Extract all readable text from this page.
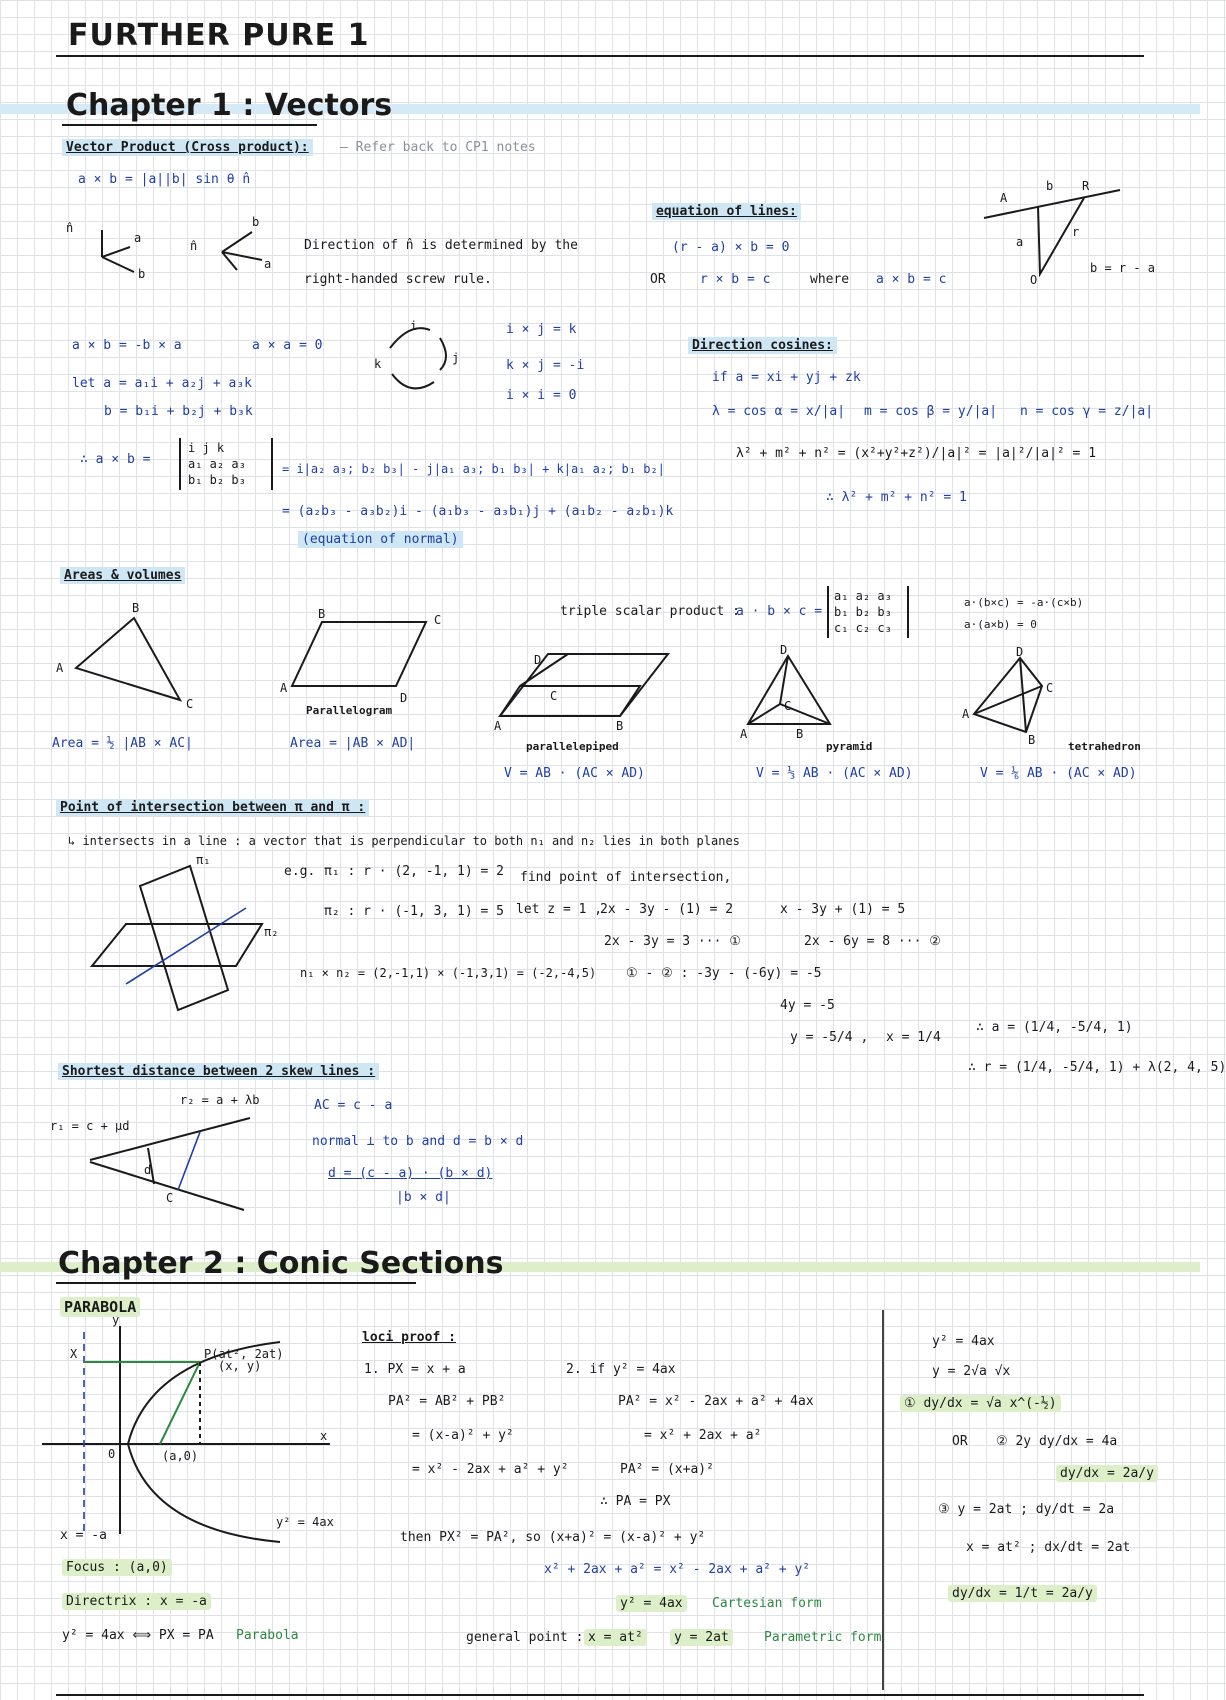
FURTHER PURE 1
Chapter 1 : Vectors
Vector Product (Cross product):	— Refer back to CP1 notes
a × b = |a||b| sin θ n̂
n̂
a
b
n̂
b
a
Direction of n̂ is determined by the
right-handed screw rule.
a × b = -b × a	a × a = 0
let a = a₁i + a₂j + a₃k
b = b₁i + b₂j + b₃k
i
j
k
i × j = k
k × j = -i
i × i = 0
∴ a × b =
i j k
a₁ a₂ a₃
b₁ b₂ b₃
= i|a₂ a₃; b₂ b₃| - j|a₁ a₃; b₁ b₃| + k|a₁ a₂; b₁ b₂|
= (a₂b₃ - a₃b₂)i - (a₁b₃ - a₃b₁)j + (a₁b₂ - a₂b₁)k
(equation of normal)
equation of lines:
(r - a) × b = 0
OR	r × b = c	where a × b = c
A
b R
a
r
O
b = r - a
Direction cosines:
if a = xi + yj + zk
λ = cos α = x/|a| m = cos β = y/|a| n = cos γ = z/|a|
λ² + m² + n² = (x²+y²+z²)/|a|² = |a|²/|a|² = 1
∴ λ² + m² + n² = 1
Areas & volumes
A
B
C
Area = ½ |AB × AC|
B	C
A
D
Parallelogram
Area = |AB × AD|
triple scalar product :
a · b × c =
a₁ a₂ a₃
b₁ b₂ b₃
c₁ c₂ c₃
a·(b×c) = -a·(c×b)
a·(a×b) = 0
A
D
C
B
parallelepiped
V = AB · (AC × AD)
D
A	B
C
pyramid
V = ⅓ AB · (AC × AD)
D
A
C
B	tetrahedron
V = ⅙ AB · (AC × AD)
Point of intersection between π and π :
↳ intersects in a line : a vector that is perpendicular to both n₁ and n₂ lies in both planes
π₁
π₂
e.g. π₁ : r · (2, -1, 1) = 2
π₂ : r · (-1, 3, 1) = 5
n₁ × n₂ = (2,-1,1) × (-1,3,1) = (-2,-4,5)
find point of intersection,
let z = 1 ,
2x - 3y - (1) = 2	x - 3y + (1) = 5
2x - 3y = 3 ··· ①	2x - 6y = 8 ··· ②
① - ② : -3y - (-6y) = -5
4y = -5
y = -5/4 , x = 1/4
∴ a = (1/4, -5/4, 1)
∴ r = (1/4, -5/4, 1) + λ(2, 4, 5)
Shortest distance between 2 skew lines :
r₂ = a + λb
r₁ = c + μd
C
d
AC = c - a
normal ⊥ to b and d = b × d
d = (c - a) · (b × d)
|b × d|
Chapter 2 : Conic Sections
PARABOLA
y
x
0	(a,0)
P(at², 2at)
(x, y)
X
y² = 4ax
x = -a
Focus : (a,0)
Directrix : x = -a
y² = 4ax ⟺ PX = PA Parabola
loci proof :
1. PX = x + a
PA² = AB² + PB²
= (x-a)² + y²
= x² - 2ax + a² + y²
2. if y² = 4ax
PA² = x² - 2ax + a² + 4ax
= x² + 2ax + a²
PA² = (x+a)²
∴ PA = PX
then PX² = PA², so (x+a)² = (x-a)² + y²
x² + 2ax + a² = x² - 2ax + a² + y²
y² = 4ax	Cartesian form
general point : x = at²	y = 2at	Parametric form
y² = 4ax
y = 2√a √x
① dy/dx = √a x^(-½)
OR ② 2y dy/dx = 4a
dy/dx = 2a/y
③ y = 2at ; dy/dt = 2a
x = at² ; dx/dt = 2at
dy/dx = 1/t = 2a/y
